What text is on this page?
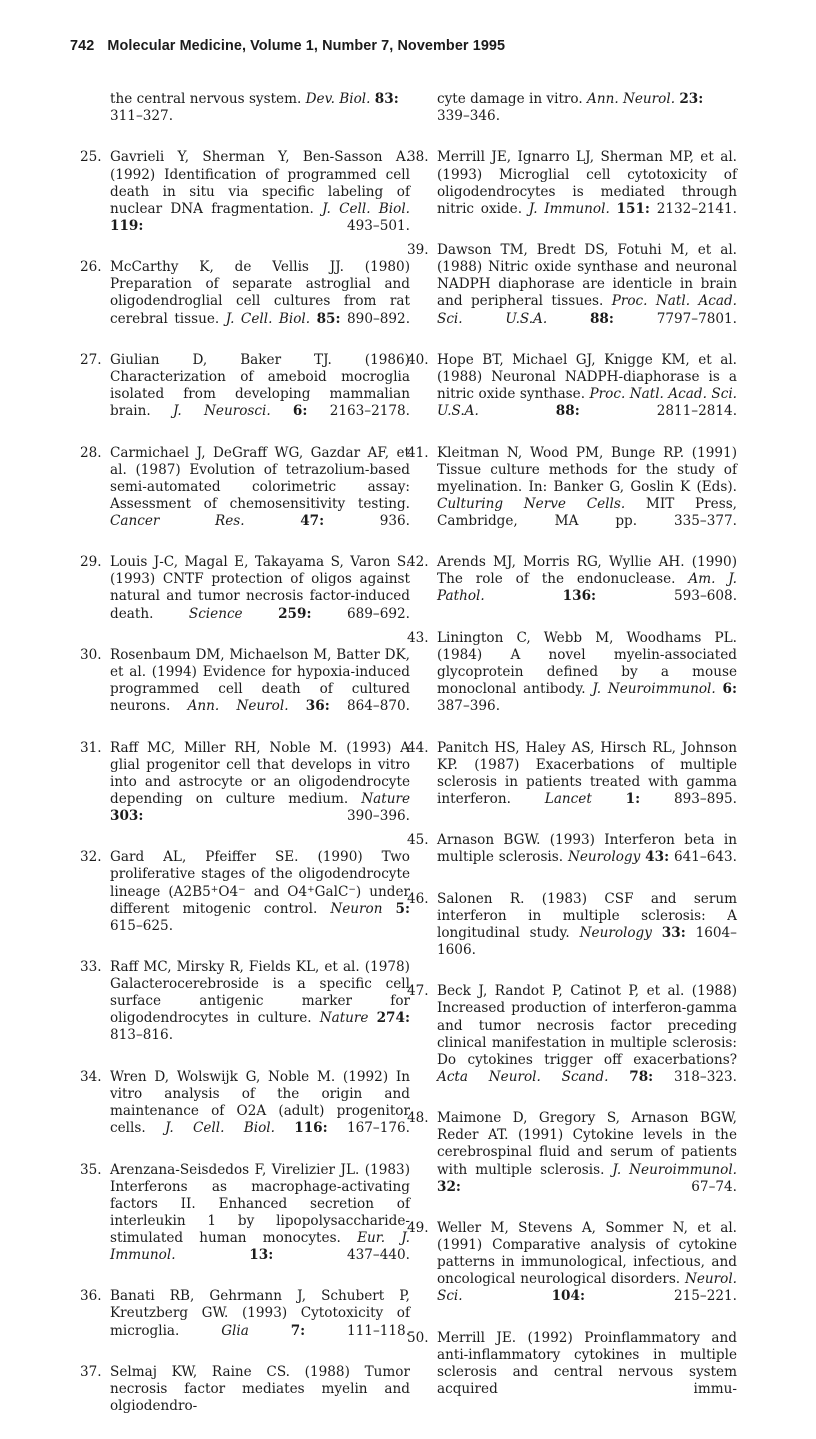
742 Molecular Medicine, Volume 1, Number 7, November 1995

the central nervous system. Dev. Biol. 83: 311–327.

25. Gavrieli Y, Sherman Y, Ben-Sasson A. (1992) Identification of programmed cell death in situ via specific labeling of nuclear DNA fragmentation. J. Cell. Biol. 119:	493–501.

26. McCarthy K, de Vellis JJ. (1980) Preparation of separate astroglial and oligodendroglial cell cultures from rat cerebral tissue. J. Cell. Biol. 85: 890–892.

27. Giulian D, Baker TJ. (1986) Characterization of ameboid mocroglia isolated from developing mammalian brain. J. Neurosci. 6: 2163–2178.

28. Carmichael J, DeGraff WG, Gazdar AF, et al. (1987) Evolution of tetrazolium-based semi-automated colorimetric assay: Assessment of chemosensitivity testing. Cancer Res.	47:	936.

29. Louis J-C, Magal E, Takayama S, Varon S. (1993) CNTF protection of oligos against natural and tumor necrosis factor-induced death.	Science	259:	689–692.

30. Rosenbaum DM, Michaelson M, Batter DK, et al. (1994) Evidence for hypoxia-induced programmed cell death of cultured neurons. Ann. Neurol. 36: 864–870.

31. Raff MC, Miller RH, Noble M. (1993) A glial progenitor cell that develops in vitro into and astrocyte or an oligodendrocyte depending on culture medium. Nature 303:	390–396.

32. Gard AL, Pfeiffer SE. (1990) Two proliferative stages of the oligodendrocyte lineage (A2B5+O4− and O4+GalC−) under different mitogenic control. Neuron 5: 615–625.

33. Raff MC, Mirsky R, Fields KL, et al. (1978) Galacterocerebroside is a specific cell surface antigenic marker for oligodendrocytes in culture. Nature 274: 813–816.

34. Wren D, Wolswijk G, Noble M. (1992) In vitro analysis of the origin and maintenance of O2A (adult) progenitor cells. J. Cell. Biol. 116: 167–176.

35. Arenzana-Seisdedos F, Virelizier JL. (1983) Interferons as macrophage-activating factors II. Enhanced secretion of interleukin 1 by lipopolysaccharide-stimulated human monocytes. Eur. J. Immunol.	13:	437–440.

36. Banati RB, Gehrmann J, Schubert P, Kreutzberg GW. (1993) Cytotoxicity of microglia.	Glia	7:	111–118.

37. Selmaj KW, Raine CS. (1988) Tumor necrosis factor mediates myelin and olgiodendro-

cyte damage in vitro. Ann. Neurol. 23: 339–346.

38. Merrill JE, Ignarro LJ, Sherman MP, et al. (1993) Microglial cell cytotoxicity of oligodendrocytes is mediated through nitric oxide. J. Immunol. 151: 2132–2141.

39. Dawson TM, Bredt DS, Fotuhi M, et al. (1988) Nitric oxide synthase and neuronal NADPH diaphorase are identicle in brain and peripheral tissues. Proc. Natl. Acad. Sci. U.S.A.	88:	7797–7801.

40. Hope BT, Michael GJ, Knigge KM, et al. (1988) Neuronal NADPH-diaphorase is a nitric oxide synthase. Proc. Natl. Acad. Sci. U.S.A.	88:	2811–2814.

41. Kleitman N, Wood PM, Bunge RP. (1991) Tissue culture methods for the study of myelination. In: Banker G, Goslin K (Eds). Culturing Nerve Cells. MIT Press, Cambridge, MA pp. 335–377.

42. Arends MJ, Morris RG, Wyllie AH. (1990) The role of the endonuclease. Am. J. Pathol.	136:	593–608.

43. Linington C, Webb M, Woodhams PL. (1984) A novel myelin-associated glycoprotein defined by a mouse monoclonal antibody. J. Neuroimmunol. 6: 387–396.

44. Panitch HS, Haley AS, Hirsch RL, Johnson KP. (1987) Exacerbations of multiple sclerosis in patients treated with gamma interferon. Lancet 1: 893–895.

45. Arnason BGW. (1993) Interferon beta in multiple sclerosis. Neurology 43: 641–643.

46. Salonen R. (1983) CSF and serum interferon in multiple sclerosis: A longitudinal study. Neurology 33: 1604–1606.

47. Beck J, Randot P, Catinot P, et al. (1988) Increased production of interferon-gamma and tumor necrosis factor preceding clinical manifestation in multiple sclerosis: Do cytokines trigger off exacerbations? Acta Neurol. Scand. 78: 318–323.

48. Maimone D, Gregory S, Arnason BGW, Reder AT. (1991) Cytokine levels in the cerebrospinal fluid and serum of patients with multiple sclerosis. J. Neuroimmunol. 32:	67–74.

49. Weller M, Stevens A, Sommer N, et al. (1991) Comparative analysis of cytokine patterns in immunological, infectious, and oncological neurological disorders. Neurol. Sci.	104:	215–221.

50. Merrill JE. (1992) Proinflammatory and anti-inflammatory cytokines in multiple sclerosis and central nervous system acquired immu-
